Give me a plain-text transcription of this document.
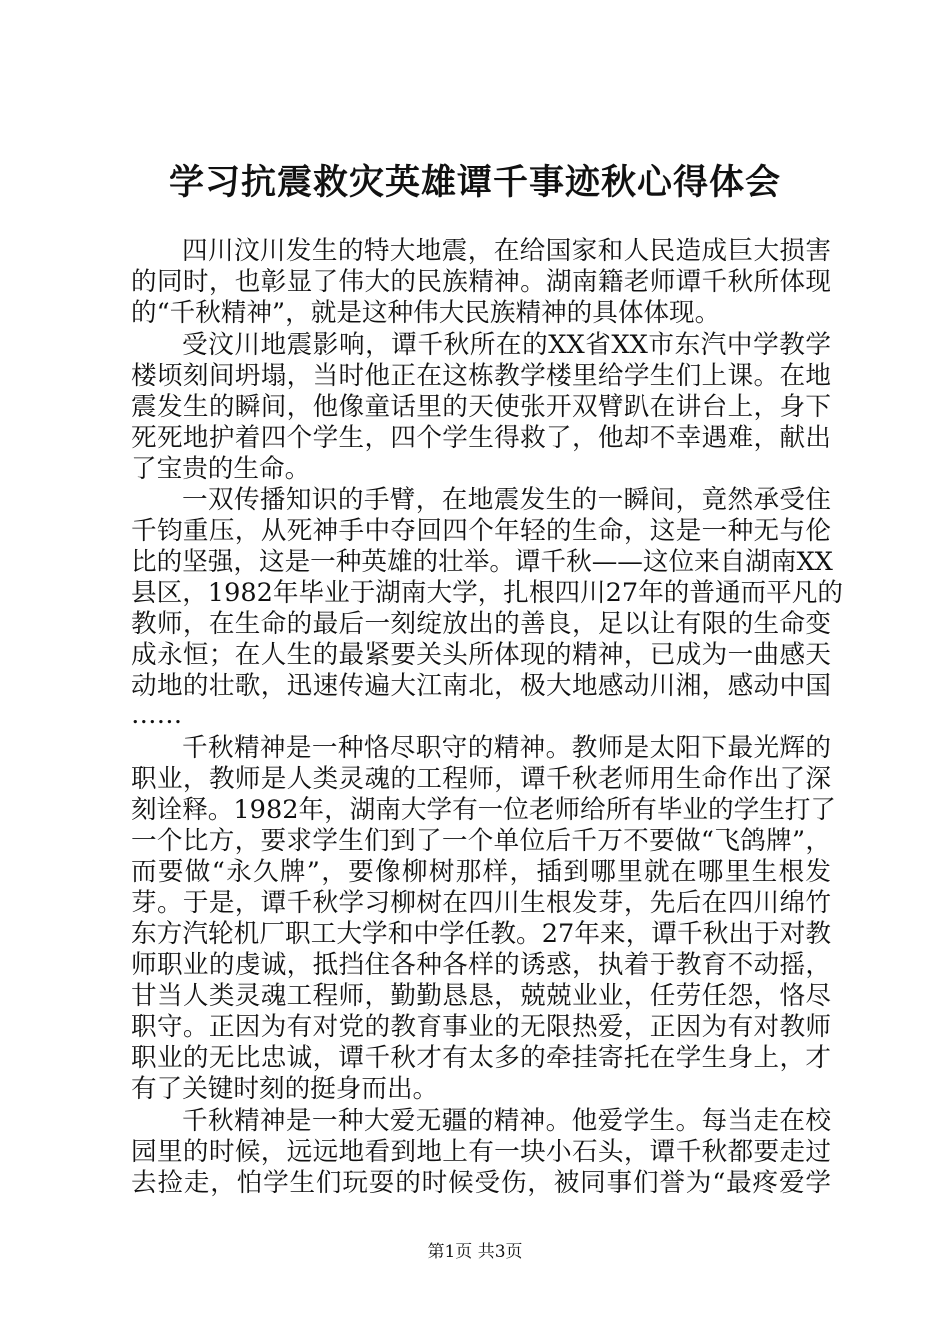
学习抗震救灾英雄谭千事迹秋心得体会
四川汶川发生的特大地震，在给国家和人民造成巨大损害
的同时，也彰显了伟大的民族精神。湖南籍老师谭千秋所体现
的“千秋精神”，就是这种伟大民族精神的具体体现。
受汶川地震影响，谭千秋所在的XX省XX市东汽中学教学
楼顷刻间坍塌，当时他正在这栋教学楼里给学生们上课。在地
震发生的瞬间，他像童话里的天使张开双臂趴在讲台上，身下
死死地护着四个学生，四个学生得救了，他却不幸遇难，献出
了宝贵的生命。
一双传播知识的手臂，在地震发生的一瞬间，竟然承受住
千钧重压，从死神手中夺回四个年轻的生命，这是一种无与伦
比的坚强，这是一种英雄的壮举。谭千秋——这位来自湖南XX
县区，1982年毕业于湖南大学，扎根四川27年的普通而平凡的
教师，在生命的最后一刻绽放出的善良，足以让有限的生命变
成永恒；在人生的最紧要关头所体现的精神，已成为一曲感天
动地的壮歌，迅速传遍大江南北，极大地感动川湘，感动中国
……
千秋精神是一种恪尽职守的精神。教师是太阳下最光辉的
职业，教师是人类灵魂的工程师，谭千秋老师用生命作出了深
刻诠释。1982年，湖南大学有一位老师给所有毕业的学生打了
一个比方，要求学生们到了一个单位后千万不要做“飞鸽牌”，
而要做“永久牌”，要像柳树那样，插到哪里就在哪里生根发
芽。于是，谭千秋学习柳树在四川生根发芽，先后在四川绵竹
东方汽轮机厂职工大学和中学任教。27年来，谭千秋出于对教
师职业的虔诚，抵挡住各种各样的诱惑，执着于教育不动摇，
甘当人类灵魂工程师，勤勤恳恳，兢兢业业，任劳任怨，恪尽
职守。正因为有对党的教育事业的无限热爱，正因为有对教师
职业的无比忠诚，谭千秋才有太多的牵挂寄托在学生身上，才
有了关键时刻的挺身而出。
千秋精神是一种大爱无疆的精神。他爱学生。每当走在校
园里的时候，远远地看到地上有一块小石头，谭千秋都要走过
去捡走，怕学生们玩耍的时候受伤，被同事们誉为“最疼爱学
第1页 共3页
